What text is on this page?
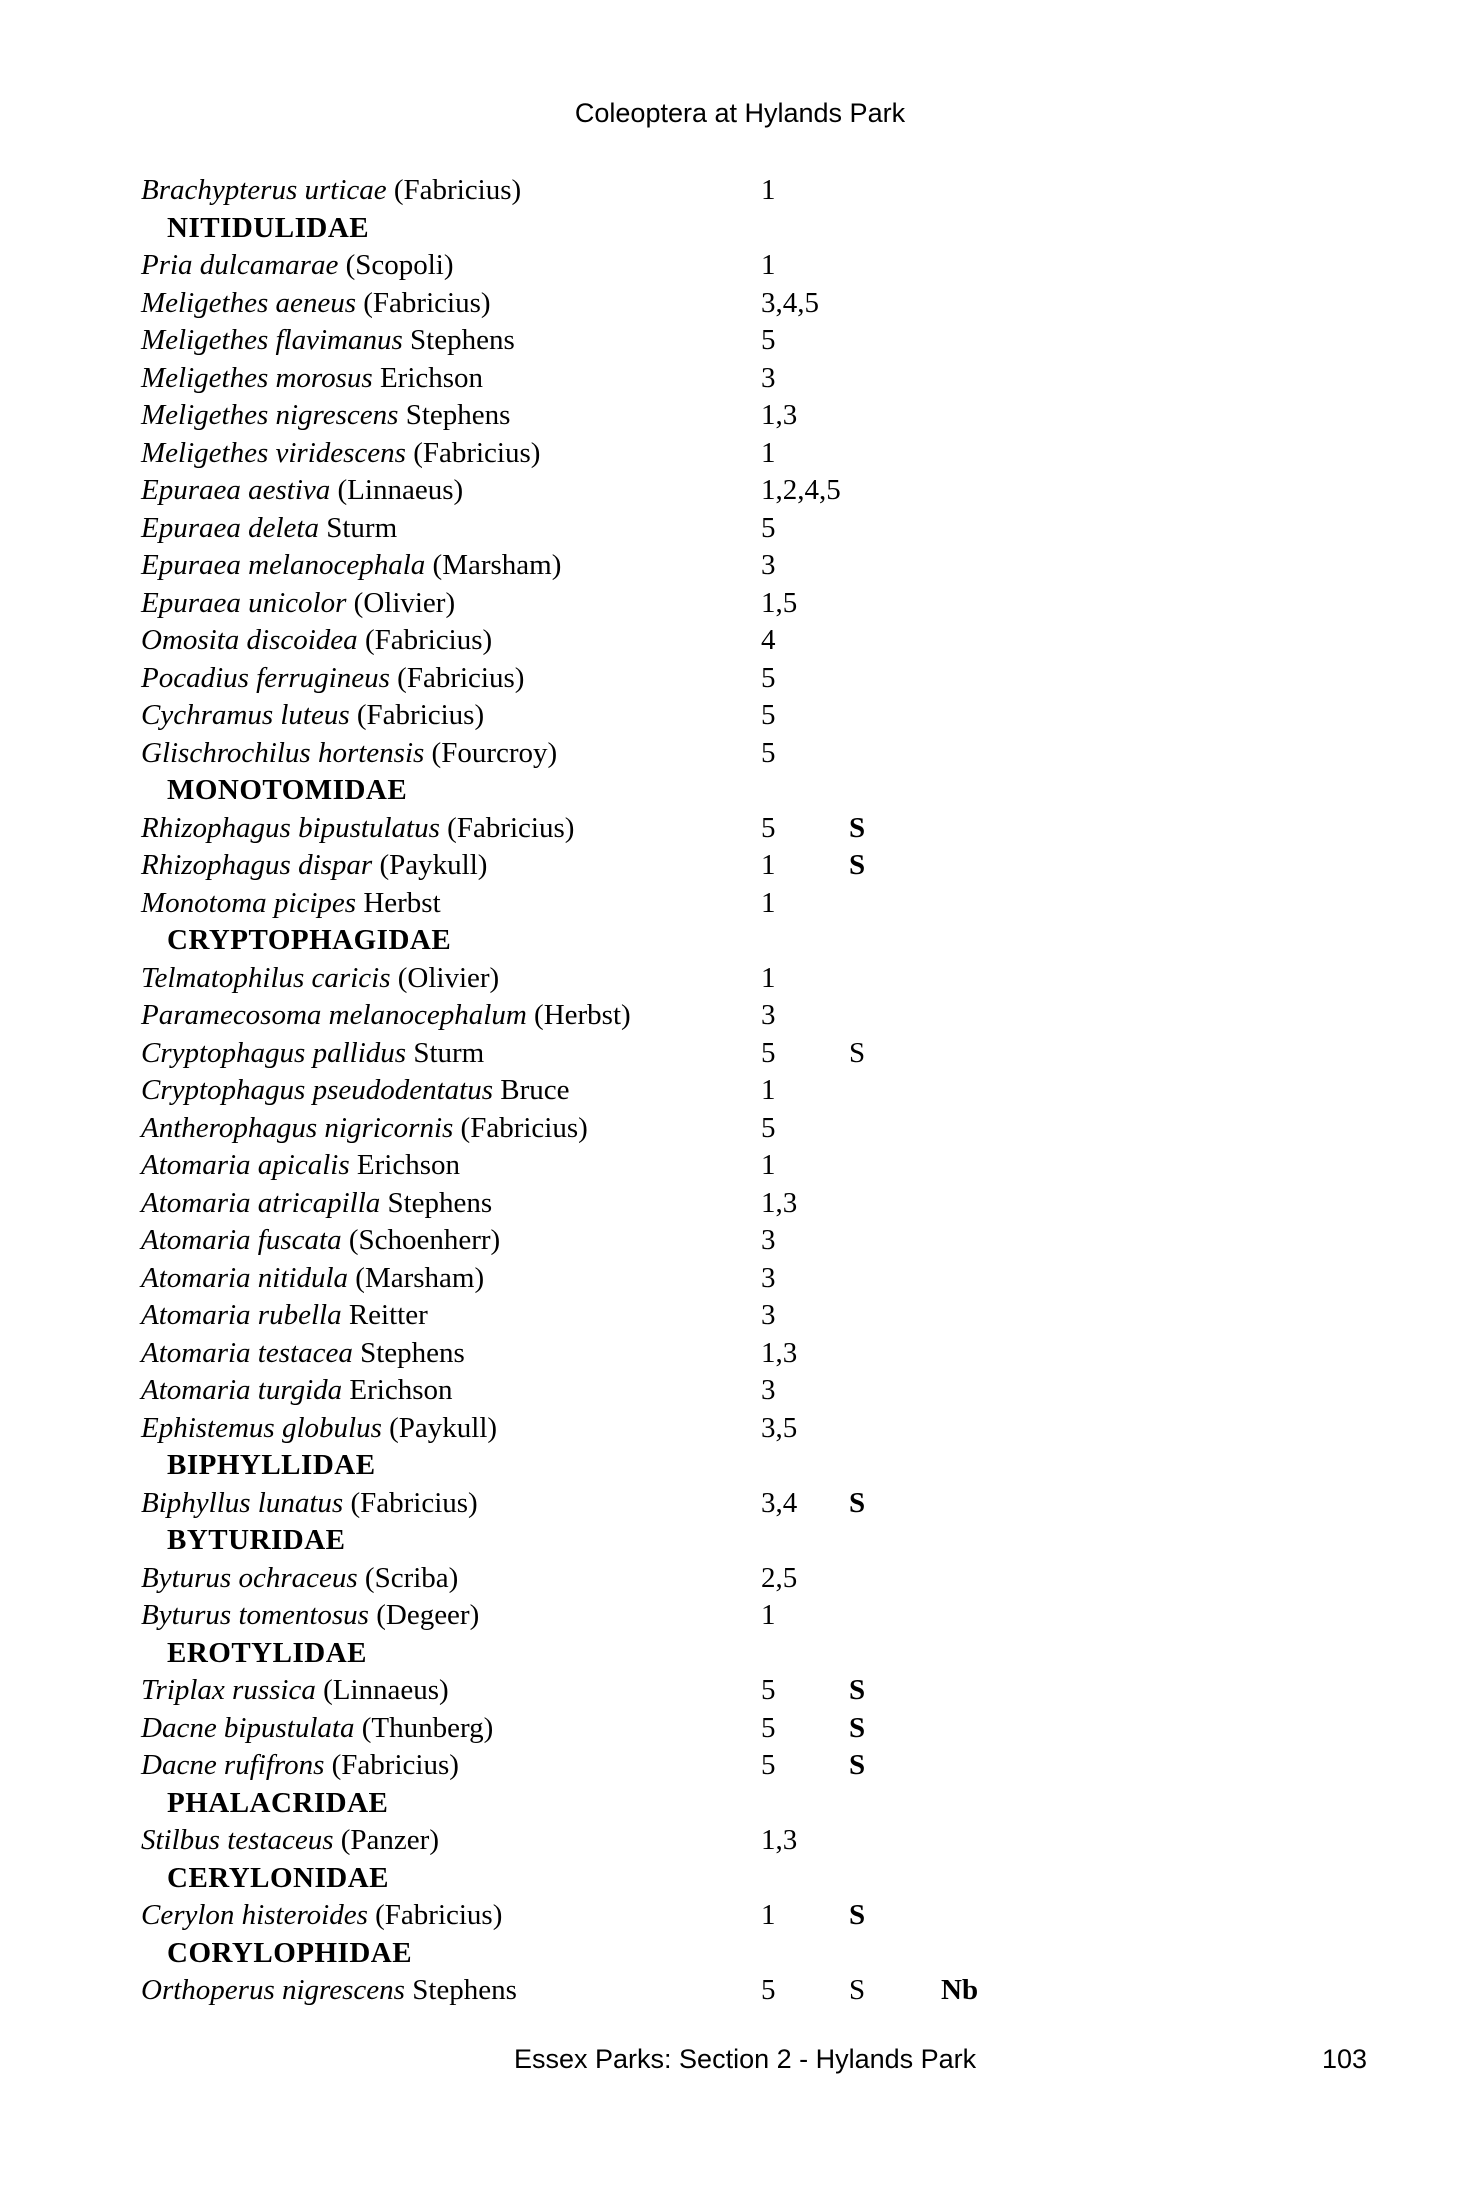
Coleoptera at Hylands Park
Brachypterus urticae (Fabricius)	1
NITIDULIDAE
Pria dulcamarae (Scopoli)	1
Meligethes aeneus (Fabricius)	3,4,5
Meligethes flavimanus Stephens	5
Meligethes morosus Erichson	3
Meligethes nigrescens Stephens	1,3
Meligethes viridescens (Fabricius)	1
Epuraea aestiva (Linnaeus)	1,2,4,5
Epuraea deleta Sturm	5
Epuraea melanocephala (Marsham)	3
Epuraea unicolor (Olivier)	1,5
Omosita discoidea (Fabricius)	4
Pocadius ferrugineus (Fabricius)	5
Cychramus luteus (Fabricius)	5
Glischrochilus hortensis (Fourcroy)	5
MONOTOMIDAE
Rhizophagus bipustulatus (Fabricius)	5	S
Rhizophagus dispar (Paykull)	1	S
Monotoma picipes Herbst	1
CRYPTOPHAGIDAE
Telmatophilus caricis (Olivier)	1
Paramecosoma melanocephalum (Herbst)	3
Cryptophagus pallidus Sturm	5	S
Cryptophagus pseudodentatus Bruce	1
Antherophagus nigricornis (Fabricius)	5
Atomaria apicalis Erichson	1
Atomaria atricapilla Stephens	1,3
Atomaria fuscata (Schoenherr)	3
Atomaria nitidula (Marsham)	3
Atomaria rubella Reitter	3
Atomaria testacea Stephens	1,3
Atomaria turgida Erichson	3
Ephistemus globulus (Paykull)	3,5
BIPHYLLIDAE
Biphyllus lunatus (Fabricius)	3,4 S
BYTURIDAE
Byturus ochraceus (Scriba)	2,5
Byturus tomentosus (Degeer)	1
EROTYLIDAE
Triplax russica (Linnaeus)	5	S
Dacne bipustulata (Thunberg)	5	S
Dacne rufifrons (Fabricius)	5	S
PHALACRIDAE
Stilbus testaceus (Panzer)	1,3
CERYLONIDAE
Cerylon histeroides (Fabricius)	1	S
CORYLOPHIDAE
Orthoperus nigrescens Stephens	5	S	Nb
Essex Parks: Section 2 - Hylands Park	103
